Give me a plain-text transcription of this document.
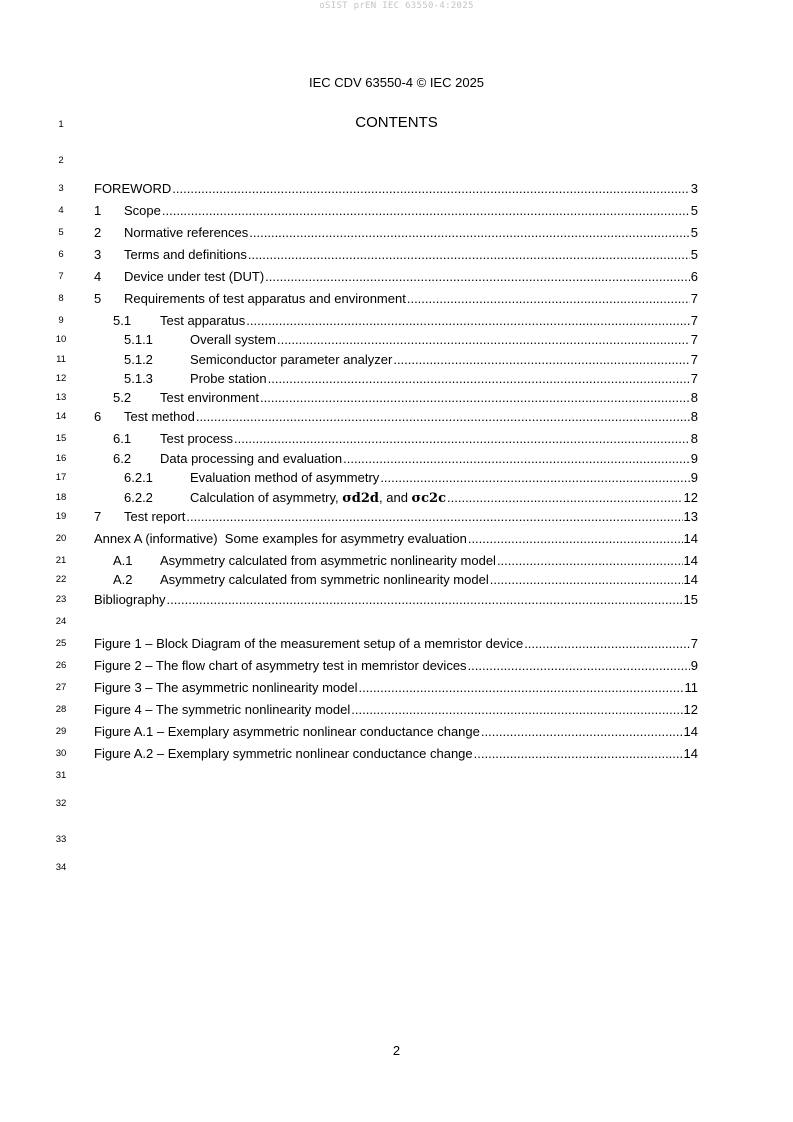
oSIST prEN IEC 63550-4:2025
IEC CDV 63550-4 © IEC 2025
CONTENTS
1
2
3
4
5
6
7
8
9
10
11
12
13
14
15
16
17
18
19
20
21
22
23
24
25
26
27
28
29
30
31
32
33
34
FOREWORD .....	3
1	Scope .....	5
2	Normative references .....	5
3	Terms and definitions .....	5
4	Device under test (DUT) .....	6
5	Requirements of test apparatus and environment .....	7
5.1	Test apparatus .....	7
5.1.1	Overall system .....	7
5.1.2	Semiconductor parameter analyzer .....	7
5.1.3	Probe station .....	7
5.2	Test environment .....	8
6	Test method .....	8
6.1	Test process .....	8
6.2	Data processing and evaluation .....	9
6.2.1	Evaluation method of asymmetry .....	9
6.2.2	Calculation of asymmetry, σd2d, and σc2c .....	12
7	Test report .....	13
Annex A (informative)  Some examples for asymmetry evaluation .....	14
A.1	Asymmetry calculated from asymmetric nonlinearity model .....	14
A.2	Asymmetry calculated from symmetric nonlinearity model .....	14
Bibliography .....	15
Figure 1 – Block Diagram of the measurement setup of a memristor device .....	7
Figure 2 – The flow chart of asymmetry test in memristor devices .....	9
Figure 3 – The asymmetric nonlinearity model .....	11
Figure 4 – The symmetric nonlinearity model .....	12
Figure A.1 – Exemplary asymmetric nonlinear conductance change .....	14
Figure A.2 – Exemplary symmetric nonlinear conductance change .....	14
2
